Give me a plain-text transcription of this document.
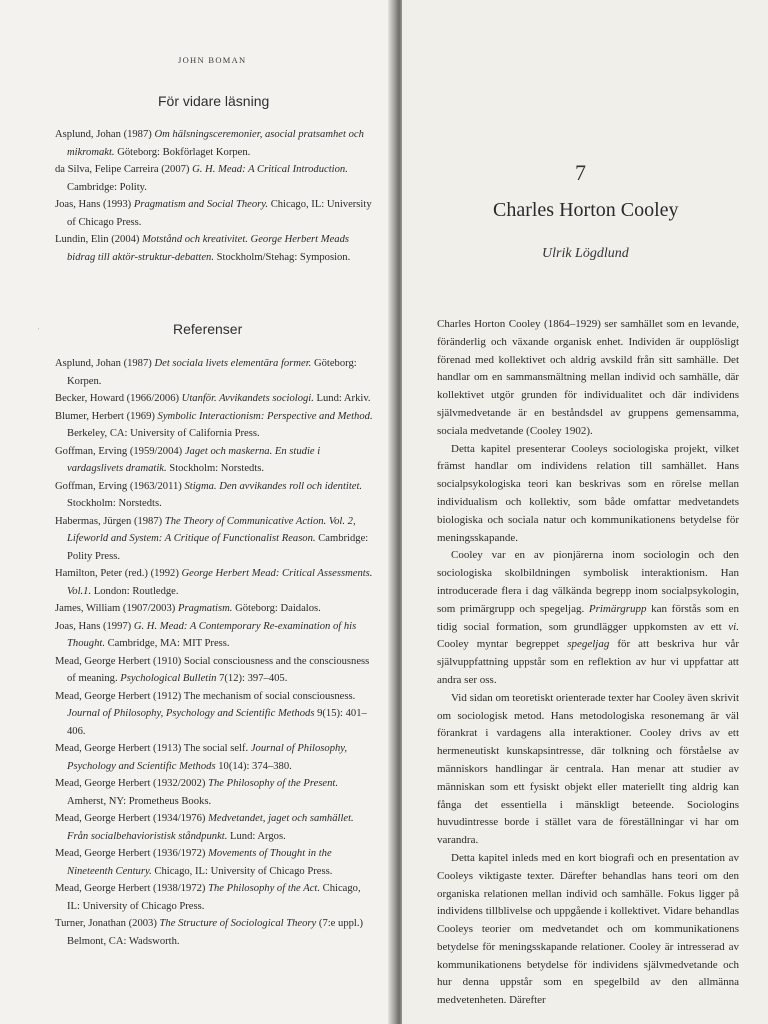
JOHN BOMAN
För vidare läsning
Asplund, Johan (1987) Om hälsningsceremonier, asocial pratsamhet och mikromakt. Göteborg: Bokförlaget Korpen.
da Silva, Felipe Carreira (2007) G. H. Mead: A Critical Introduction. Cambridge: Polity.
Joas, Hans (1993) Pragmatism and Social Theory. Chicago, IL: University of Chicago Press.
Lundin, Elin (2004) Motstånd och kreativitet. George Herbert Meads bidrag till aktör-struktur-debatten. Stockholm/Stehag: Symposion.
'	Referenser
Asplund, Johan (1987) Det sociala livets elementära former. Göteborg: Korpen.
Becker, Howard (1966/2006) Utanför. Avvikandets sociologi. Lund: Arkiv.
Blumer, Herbert (1969) Symbolic Interactionism: Perspective and Method. Berkeley, CA: University of California Press.
Goffman, Erving (1959/2004) Jaget och maskerna. En studie i vardagslivets dramatik. Stockholm: Norstedts.
Goffman, Erving (1963/2011) Stigma. Den avvikandes roll och identitet. Stockholm: Norstedts.
Habermas, Jürgen (1987) The Theory of Communicative Action. Vol. 2, Lifeworld and System: A Critique of Functionalist Reason. Cambridge: Polity Press.
Hamilton, Peter (red.) (1992) George Herbert Mead: Critical Assessments. Vol.1. London: Routledge.
James, William (1907/2003) Pragmatism. Göteborg: Daidalos.
Joas, Hans (1997) G. H. Mead: A Contemporary Re-examination of his Thought. Cambridge, MA: MIT Press.
Mead, George Herbert (1910) Social consciousness and the consciousness of meaning. Psychological Bulletin 7(12): 397–405.
Mead, George Herbert (1912) The mechanism of social consciousness. Journal of Philosophy, Psychology and Scientific Methods 9(15): 401–406.
Mead, George Herbert (1913) The social self. Journal of Philosophy, Psychology and Scientific Methods 10(14): 374–380.
Mead, George Herbert (1932/2002) The Philosophy of the Present. Amherst, NY: Prometheus Books.
Mead, George Herbert (1934/1976) Medvetandet, jaget och samhället. Från socialbehavioristisk ståndpunkt. Lund: Argos.
Mead, George Herbert (1936/1972) Movements of Thought in the Nineteenth Century. Chicago, IL: University of Chicago Press.
Mead, George Herbert (1938/1972) The Philosophy of the Act. Chicago, IL: University of Chicago Press.
Turner, Jonathan (2003) The Structure of Sociological Theory (7:e uppl.) Belmont, CA: Wadsworth.
7
Charles Horton Cooley
Ulrik Lögdlund

Charles Horton Cooley (1864–1929) ser samhället som en levande, föränderlig och växande organisk enhet. Individen är oupplösligt förenad med kollektivet och aldrig avskild från sitt samhälle. Det handlar om en sammansmältning mellan individ och samhälle, där kollektivet utgör grunden för individualitet och där individens självmedvetande är en beståndsdel av gruppens gemensamma, sociala medvetande (Cooley 1902).

Detta kapitel presenterar Cooleys sociologiska projekt, vilket främst handlar om individens relation till samhället. Hans socialpsykologiska teori kan beskrivas som en rörelse mellan individualism och kollektiv, som både omfattar medvetandets biologiska och sociala natur och kommunikationens betydelse för meningsskapande.

Cooley var en av pionjärerna inom sociologin och den sociologiska skolbildningen symbolisk interaktionism. Han introducerade flera i dag välkända begrepp inom socialpsykologin, som primärgrupp och spegeljag. Primärgrupp kan förstås som en tidig social formation, som grundlägger uppkomsten av ett vi. Cooley myntar begreppet spegeljag för att beskriva hur vår självuppfattning uppstår som en reflektion av hur vi uppfattar att andra ser oss.

Vid sidan om teoretiskt orienterade texter har Cooley även skrivit om sociologisk metod. Hans metodologiska resonemang är väl förankrat i vardagens alla interaktioner. Cooley drivs av ett hermeneutiskt kunskapsintresse, där tolkning och förståelse av människors handlingar är centrala. Han menar att studier av människan som ett fysiskt objekt eller materiellt ting aldrig kan fånga det essentiella i mänskligt beteende. Sociologins huvudintresse borde i stället vara de föreställningar vi har om varandra.

Detta kapitel inleds med en kort biografi och en presentation av Cooleys viktigaste texter. Därefter behandlas hans teori om den organiska relationen mellan individ och samhälle. Fokus ligger på individens tillblivelse och uppgående i kollektivet. Vidare behandlas Cooleys teorier om medvetandet och om kommunikationens betydelse för meningsskapande relationer. Cooley är intresserad av kommunikationens betydelse för individens självmedvetande och hur denna uppstår som en spegelbild av den allmänna medvetenheten. Därefter
